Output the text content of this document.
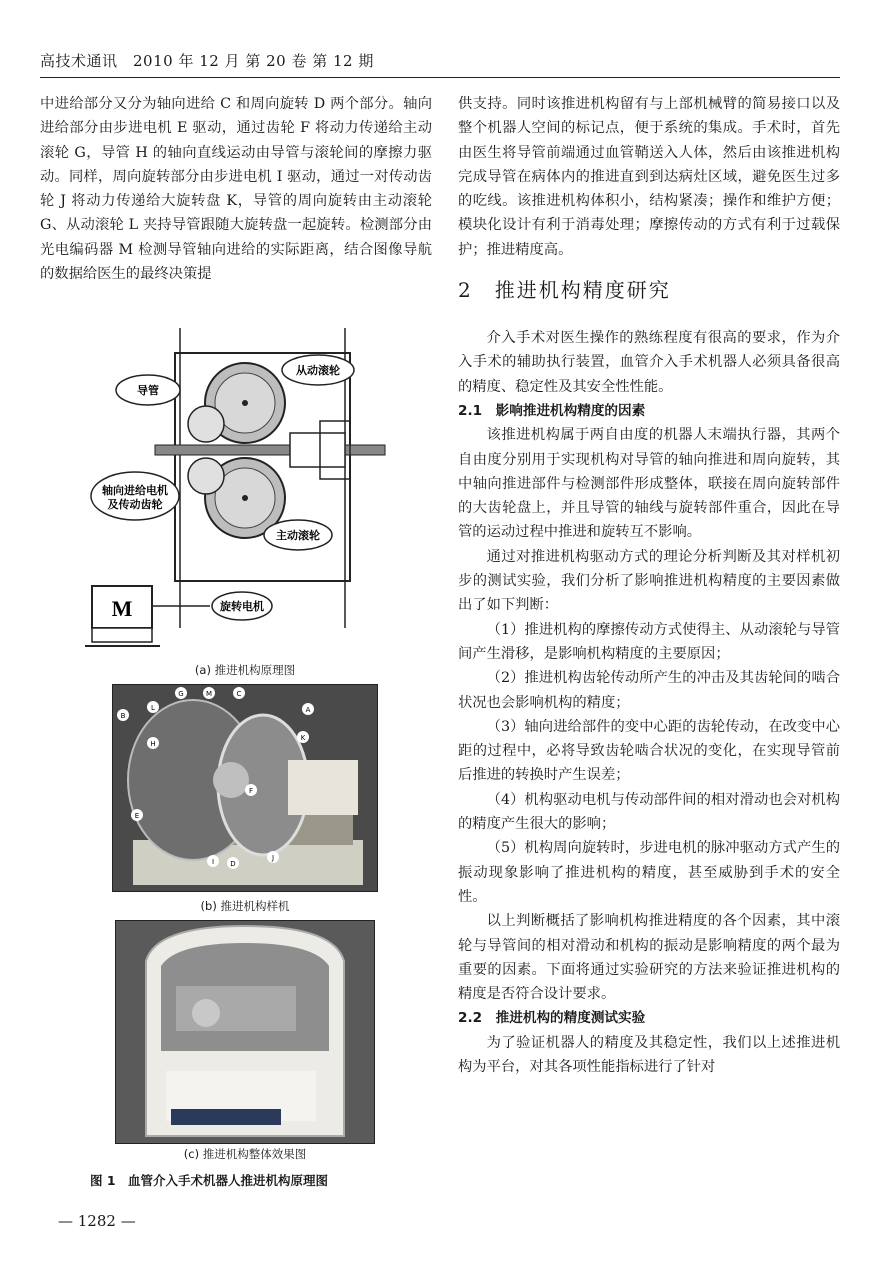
高技术通讯　2010 年 12 月 第 20 卷 第 12 期

中进给部分又分为轴向进给 C 和周向旋转 D 两个部分。轴向进给部分由步进电机 E 驱动，通过齿轮 F 将动力传递给主动滚轮 G，导管 H 的轴向直线运动由导管与滚轮间的摩擦力驱动。同样，周向旋转部分由步进电机 I 驱动，通过一对传动齿轮 J 将动力传递给大旋转盘 K，导管的周向旋转由主动滚轮 G、从动滚轮 L 夹持导管跟随大旋转盘一起旋转。检测部分由光电编码器 M 检测导管轴向进给的实际距离，结合图像导航的数据给医生的最终决策提

导管
从动滚轮
轴向进给电机
及传动齿轮
主动滚轮
旋转电机
M
(a) 推进机构原理图
G	M	C
A
B
L
H
K
E
F
I D
J
(b) 推进机构样机
(c) 推进机构整体效果图
图 1　血管介入手术机器人推进机构原理图

供支持。同时该推进机构留有与上部机械臂的简易接口以及整个机器人空间的标记点，便于系统的集成。手术时，首先由医生将导管前端通过血管鞘送入人体，然后由该推进机构完成导管在病体内的推进直到到达病灶区域，避免医生过多的吃线。该推进机构体积小，结构紧凑；操作和维护方便；模块化设计有利于消毒处理；摩擦传动的方式有利于过载保护；推进精度高。

2　推进机构精度研究

介入手术对医生操作的熟练程度有很高的要求，作为介入手术的辅助执行装置，血管介入手术机器人必须具备很高的精度、稳定性及其安全性性能。

2.1　影响推进机构精度的因素

该推进机构属于两自由度的机器人末端执行器，其两个自由度分别用于实现机构对导管的轴向推进和周向旋转，其中轴向推进部件与检测部件形成整体，联接在周向旋转部件的大齿轮盘上，并且导管的轴线与旋转部件重合，因此在导管的运动过程中推进和旋转互不影响。

通过对推进机构驱动方式的理论分析判断及其对样机初步的测试实验，我们分析了影响推进机构精度的主要因素做出了如下判断：

（1）推进机构的摩擦传动方式使得主、从动滚轮与导管间产生滑移，是影响机构精度的主要原因；

（2）推进机构齿轮传动所产生的冲击及其齿轮间的啮合状况也会影响机构的精度；

（3）轴向进给部件的变中心距的齿轮传动，在改变中心距的过程中，必将导致齿轮啮合状况的变化，在实现导管前后推进的转换时产生误差；

（4）机构驱动电机与传动部件间的相对滑动也会对机构的精度产生很大的影响；

（5）机构周向旋转时，步进电机的脉冲驱动方式产生的振动现象影响了推进机构的精度，甚至威胁到手术的安全性。

以上判断概括了影响机构推进精度的各个因素，其中滚轮与导管间的相对滑动和机构的振动是影响精度的两个最为重要的因素。下面将通过实验研究的方法来验证推进机构的精度是否符合设计要求。

2.2　推进机构的精度测试实验

为了验证机器人的精度及其稳定性，我们以上述推进机构为平台，对其各项性能指标进行了针对

— 1282 —
